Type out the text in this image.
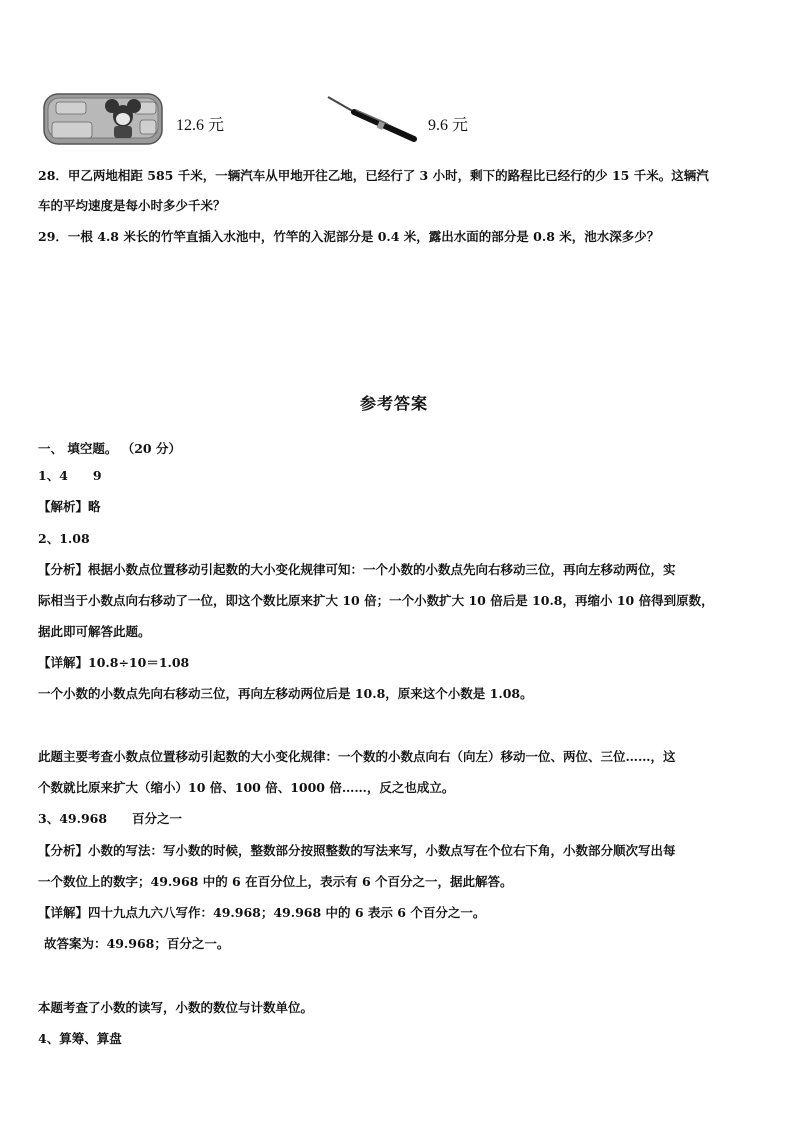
12.6 元	9.6 元
28．甲乙两地相距 585 千米，一辆汽车从甲地开往乙地，已经行了 3 小时，剩下的路程比已经行的少 15 千米。这辆汽
车的平均速度是每小时多少千米？
29．一根 4.8 米长的竹竿直插入水池中，竹竿的入泥部分是 0.4 米，露出水面的部分是 0.8 米，池水深多少？
参考答案
一、 填空题。 （20 分）
1、4　　9
【解析】略
2、1.08
【分析】根据小数点位置移动引起数的大小变化规律可知：一个小数的小数点先向右移动三位，再向左移动两位，实
际相当于小数点向右移动了一位，即这个数比原来扩大 10 倍；一个小数扩大 10 倍后是 10.8，再缩小 10 倍得到原数，
据此即可解答此题。
【详解】10.8÷10＝1.08
一个小数的小数点先向右移动三位，再向左移动两位后是 10.8，原来这个小数是 1.08。
此题主要考查小数点位置移动引起数的大小变化规律：一个数的小数点向右（向左）移动一位、两位、三位……，这
个数就比原来扩大（缩小）10 倍、100 倍、1000 倍……，反之也成立。
3、49.968　　百分之一
【分析】小数的写法：写小数的时候，整数部分按照整数的写法来写，小数点写在个位右下角，小数部分顺次写出每
一个数位上的数字；49.968 中的 6 在百分位上，表示有 6 个百分之一，据此解答。
【详解】四十九点九六八写作：49.968；49.968 中的 6 表示 6 个百分之一。
故答案为：49.968；百分之一。
本题考查了小数的读写，小数的数位与计数单位。
4、算筹、算盘
